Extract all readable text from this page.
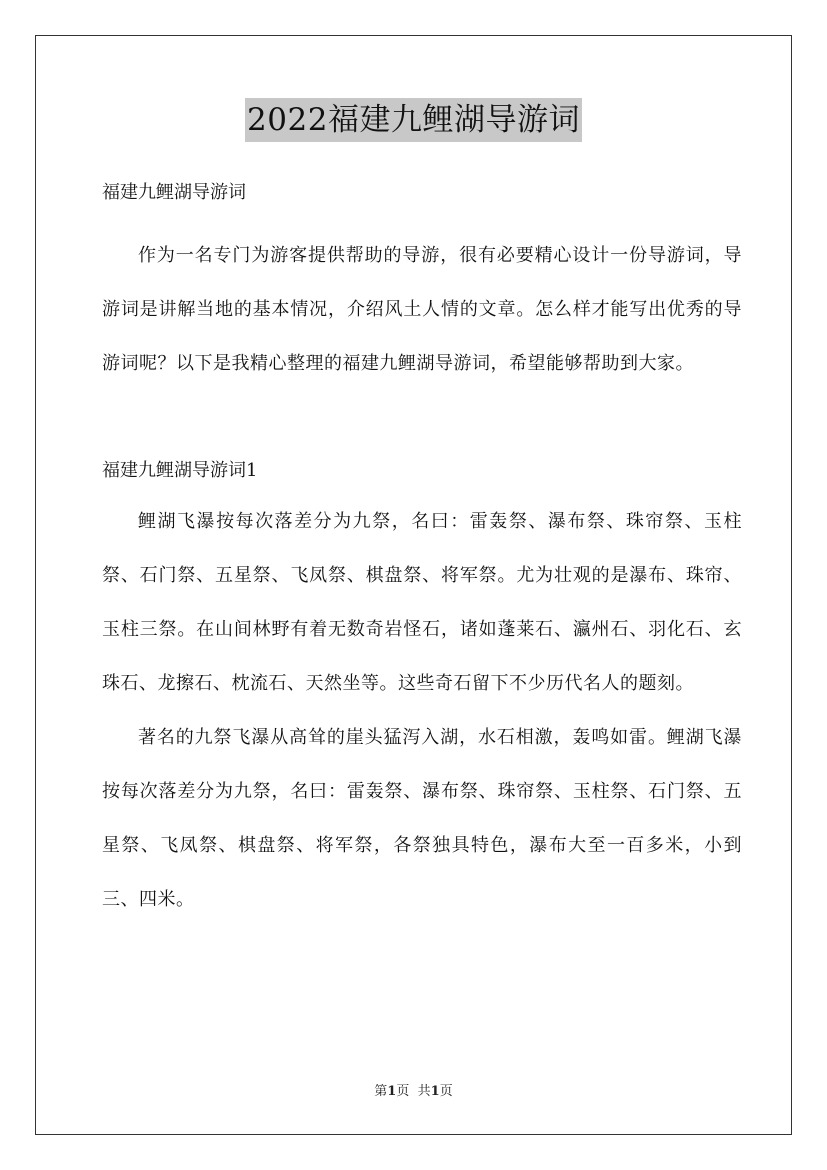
2022福建九鲤湖导游词

福建九鲤湖导游词

作为一名专门为游客提供帮助的导游，很有必要精心设计一份导游词，导游词是讲解当地的基本情况，介绍风土人情的文章。怎么样才能写出优秀的导游词呢？以下是我精心整理的福建九鲤湖导游词，希望能够帮助到大家。

福建九鲤湖导游词1

鲤湖飞瀑按每次落差分为九祭，名曰：雷轰祭、瀑布祭、珠帘祭、玉柱祭、石门祭、五星祭、飞凤祭、棋盘祭、将军祭。尤为壮观的是瀑布、珠帘、玉柱三祭。在山间林野有着无数奇岩怪石，诸如蓬莱石、瀛州石、羽化石、玄珠石、龙擦石、枕流石、天然坐等。这些奇石留下不少历代名人的题刻。

著名的九祭飞瀑从高耸的崖头猛泻入湖，水石相激，轰鸣如雷。鲤湖飞瀑按每次落差分为九祭，名曰：雷轰祭、瀑布祭、珠帘祭、玉柱祭、石门祭、五星祭、飞凤祭、棋盘祭、将军祭，各祭独具特色，瀑布大至一百多米，小到三、四米。

第1页 共1页
